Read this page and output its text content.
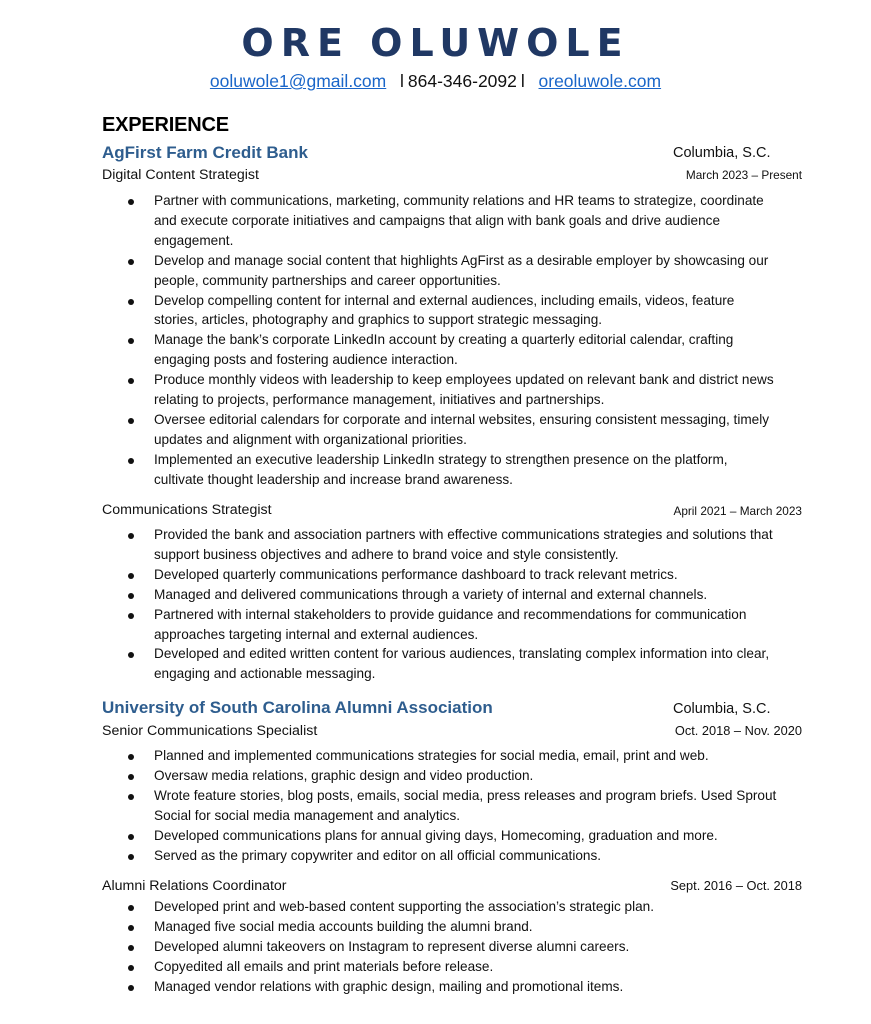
ORE OLUWOLE
ooluwole1@gmail.com l 864-346-2092 l oreoluwole.com
EXPERIENCE
AgFirst Farm Credit Bank	Columbia, S.C.
Digital Content Strategist	March 2023 – Present
Partner with communications, marketing, community relations and HR teams to strategize, coordinate and execute corporate initiatives and campaigns that align with bank goals and drive audience engagement.
Develop and manage social content that highlights AgFirst as a desirable employer by showcasing our people, community partnerships and career opportunities.
Develop compelling content for internal and external audiences, including emails, videos, feature stories, articles, photography and graphics to support strategic messaging.
Manage the bank’s corporate LinkedIn account by creating a quarterly editorial calendar, crafting engaging posts and fostering audience interaction.
Produce monthly videos with leadership to keep employees updated on relevant bank and district news relating to projects, performance management, initiatives and partnerships.
Oversee editorial calendars for corporate and internal websites, ensuring consistent messaging, timely updates and alignment with organizational priorities.
Implemented an executive leadership LinkedIn strategy to strengthen presence on the platform, cultivate thought leadership and increase brand awareness.
Communications Strategist	April 2021 – March 2023
Provided the bank and association partners with effective communications strategies and solutions that support business objectives and adhere to brand voice and style consistently.
Developed quarterly communications performance dashboard to track relevant metrics.
Managed and delivered communications through a variety of internal and external channels.
Partnered with internal stakeholders to provide guidance and recommendations for communication approaches targeting internal and external audiences.
Developed and edited written content for various audiences, translating complex information into clear, engaging and actionable messaging.
University of South Carolina Alumni Association	Columbia, S.C.
Senior Communications Specialist	Oct. 2018 – Nov. 2020
Planned and implemented communications strategies for social media, email, print and web.
Oversaw media relations, graphic design and video production.
Wrote feature stories, blog posts, emails, social media, press releases and program briefs. Used Sprout Social for social media management and analytics.
Developed communications plans for annual giving days, Homecoming, graduation and more.
Served as the primary copywriter and editor on all official communications.
Alumni Relations Coordinator	Sept. 2016 – Oct. 2018
Developed print and web-based content supporting the association’s strategic plan.
Managed five social media accounts building the alumni brand.
Developed alumni takeovers on Instagram to represent diverse alumni careers.
Copyedited all emails and print materials before release.
Managed vendor relations with graphic design, mailing and promotional items.
